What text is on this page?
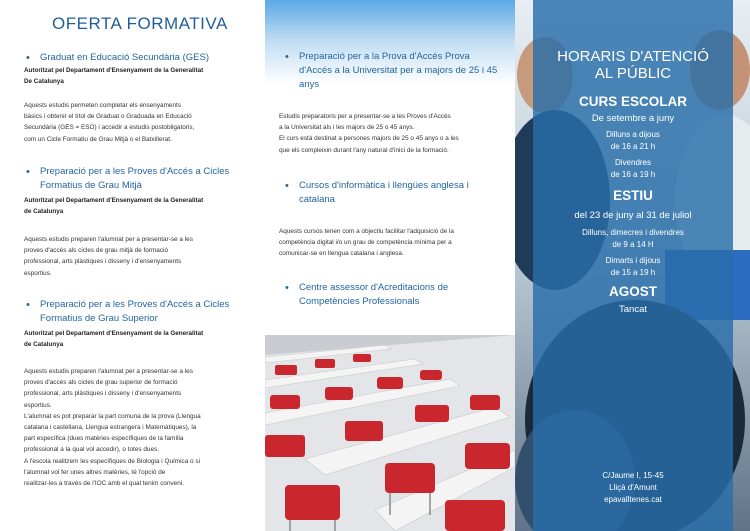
OFERTA FORMATIVA
•	Graduat en Educació Secundària (GES)
Autoritzat pel Departament d'Ensenyament de la Generalitat
De Catalunya
Aquests estudis permeten completar els ensenyaments
bàsics i obtenir el títol de Graduat o Graduada en Educació
Secundària (GES = ESO) i accedir a estudis postobligatoris,
com un Cicle Formatiu de Grau Mitjà o el Batxillerat.
•	Preparació per a les Proves d'Accés a Cicles
Formatius de Grau Mitjà
Autoritzat pel Departament d'Ensenyament de la Generalitat
de Catalunya
Aquests estudis preparen l'alumnat per a presentar-se a les
proves d'accés als cicles de grau mitjà de formació
professional, arts plàstiques i disseny i d'ensenyaments
esportius.
•	Preparació per a les Proves d'Accés a Cicles
Formatius de Grau Superior
Autoritzat pel Departament d'Ensenyament de la Generalitat
de Catalunya
Aquests estudis preparen l'alumnat per a presentar-se a les
proves d'accés als cicles de grau superior de formació
professional, arts plàstiques i disseny i d'ensenyaments
esportius.
L'alumnat es pot preparar la part comuna de la prova (Llengua
catalana i castellana, Llengua estrangera i Matemàtiques), la
part específica (dues matèries específiques de la família
professional a la qual vol accedir), o totes dues.
A l'escola realitzem les específiques de Biologia i Química o si
l'alumnat vol fer unes altres matèries, té l'opció de
realitzar-les a través de l'IOC amb el qual tenim conveni.
•	Preparació per a la Prova d'Accés Prova
d'Accés a la Universitat per a majors de 25 i 45
anys
Estudis preparatoris per a presentar-se a les Proves d'Accés
a la Universitat als i les majors de 25 o 45 anys.
El curs està destinat a persones majors de 25 o 45 anys o a les
que els compleixin durant l'any natural d'inici de la formació.
•	Cursos d'informàtica i llengües anglesa i
catalana
Aquests cursos tenen com a objectiu facilitar l'adquisició de la
competència digital i/o un grau de competència mínima per a
comunicar-se en llengua catalana i anglesa.
•	Centre assessor d'Acreditacions de
Competències Professionals
HORARIS D'ATENCIÓ
AL PÚBLIC
CURS ESCOLAR
De setembre a juny
Dilluns a dijous
de 16 a 21 h
Divendres
de 16 a 19 h
ESTIU
del 23 de juny al 31 de juliol
Dilluns, dimecres i divendres
de 9 a 14 H
Dimarts i dijous
de 15 a 19 h
AGOST
Tancat
C/Jaume I, 15-45
Lliçà d'Amunt
epavalltenes.cat
